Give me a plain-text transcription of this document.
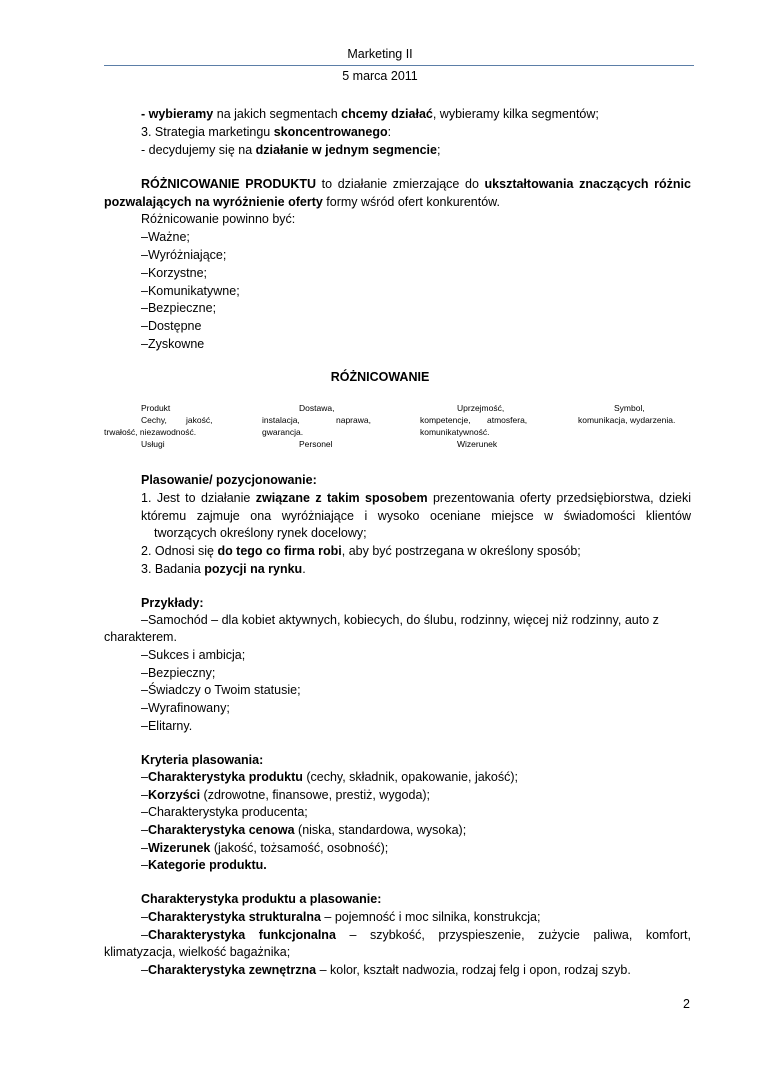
Marketing II
5 marca 2011
- wybieramy na jakich segmentach chcemy działać, wybieramy kilka segmentów;
3. Strategia marketingu skoncentrowanego:
- decydujemy się na działanie w jednym segmencie;
RÓŻNICOWANIE PRODUKTU to działanie zmierzające do ukształtowania znaczących różnic
pozwalających na wyróżnienie oferty formy wśród ofert konkurentów.
Różnicowanie powinno być:
– Ważne;
– Wyróżniające;
– Korzystne;
– Komunikatywne;
– Bezpieczne;
– Dostępne
– Zyskowne
RÓŻNICOWANIE
Produkt	Dostawa,	Uprzejmość,	Symbol,
Cechy, jakość,	instalacja,	naprawa,	kompetencje, atmosfera,	komunikacja, wydarzenia.
trwałość, niezawodność.	gwarancja.	komunikatywność.
Usługi	Personel	Wizerunek
Plasowanie/ pozycjonowanie:
1. Jest to działanie związane z takim sposobem prezentowania oferty przedsiębiorstwa, dzieki
któremu zajmuje ona wyróżniające i wysoko oceniane miejsce w świadomości klientów
tworzących określony rynek docelowy;
2. Odnosi się do tego co firma robi, aby być postrzegana w określony sposób;
3. Badania pozycji na rynku.
Przykłady:
– Samochód – dla kobiet aktywnych, kobiecych, do ślubu, rodzinny, więcej niż rodzinny, auto z
charakterem.
– Sukces i ambicja;
– Bezpieczny;
– Świadczy o Twoim statusie;
– Wyrafinowany;
– Elitarny.
Kryteria plasowania:
– Charakterystyka produktu (cechy, składnik, opakowanie, jakość);
– Korzyści (zdrowotne, finansowe, prestiż, wygoda);
– Charakterystyka producenta;
– Charakterystyka cenowa (niska, standardowa, wysoka);
– Wizerunek (jakość, tożsamość, osobność);
– Kategorie produktu.
Charakterystyka produktu a plasowanie:
– Charakterystyka strukturalna – pojemność i moc silnika, konstrukcja;
– Charakterystyka funkcjonalna – szybkość, przyspieszenie, zużycie paliwa, komfort,
klimatyzacja, wielkość bagażnika;
– Charakterystyka zewnętrzna – kolor, kształt nadwozia, rodzaj felg i opon, rodzaj szyb.
2
